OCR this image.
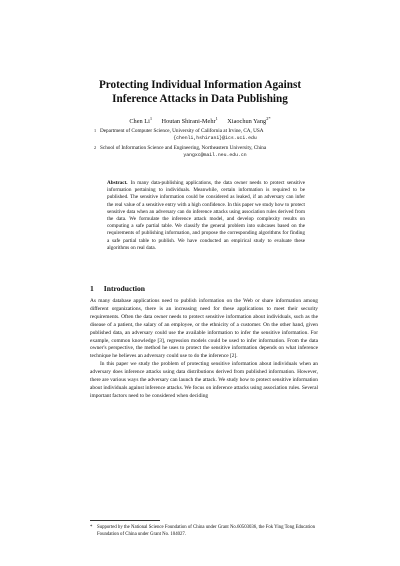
Protecting Individual Information Against
Inference Attacks in Data Publishing
Chen Li$^1$ Houtan Shirani-Mehr$^1$ Xiaochun Yang$^{2*}$
1 Department of Computer Science, University of California at Irvine, CA, USA
{chenli,hshirani}@ics.uci.edu
2 School of Information Science and Engineering, Northeastern University, China
yangxc@mail.neu.edu.cn
Abstract. In many data-publishing applications, the data owner needs to protect sensitive information pertaining to individuals. Meanwhile, certain information is required to be published. The sensitive information could be considered as leaked, if an adversary can infer the real value of a sensitive entry with a high confidence. In this paper we study how to protect sensitive data when an adversary can do inference attacks using association rules derived from the data. We formulate the inference attack model, and develop complexity results on computing a safe partial table. We classify the general problem into subcases based on the requirements of publishing information, and propose the corresponding algorithms for finding a safe partial table to publish. We have conducted an empirical study to evaluate these algorithms on real data.
1 Introduction

As many database applications need to publish information on the Web or share information among different organizations, there is an increasing need for these applications to meet their security requirements. Often the data owner needs to protect sensitive information about individuals, such as the disease of a patient, the salary of an employee, or the ethnicity of a customer. On the other hand, given published data, an adversary could use the available information to infer the sensitive information. For example, common knowledge [3], regression models could be used to infer information. From the data owner's perspective, the method he uses to protect the sensitive information depends on what inference technique he believes an adversary could use to do the inference [2].

In this paper we study the problem of protecting sensitive information about individuals when an adversary does inference attacks using data distributions derived from published information. However, there are various ways the adversary can launch the attack. We study how to protect sensitive information about individuals against inference attacks. We focus on inference attacks using association rules. Several important factors need to be considered when deciding

* Supported by the National Science Foundation of China under Grant No.60503036, the Fok Ying Tong Education Foundation of China under Grant No. 104027.
